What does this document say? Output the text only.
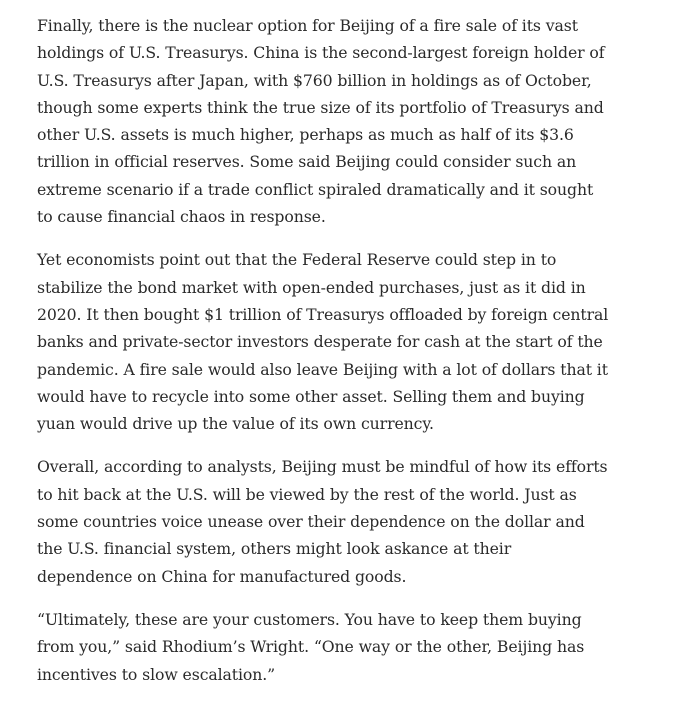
Finally, there is the nuclear option for Beijing of a fire sale of its vast
holdings of U.S. Treasurys. China is the second-largest foreign holder of
U.S. Treasurys after Japan, with $760 billion in holdings as of October,
though some experts think the true size of its portfolio of Treasurys and
other U.S. assets is much higher, perhaps as much as half of its $3.6
trillion in official reserves. Some said Beijing could consider such an
extreme scenario if a trade conflict spiraled dramatically and it sought
to cause financial chaos in response.

Yet economists point out that the Federal Reserve could step in to
stabilize the bond market with open-ended purchases, just as it did in
2020. It then bought $1 trillion of Treasurys offloaded by foreign central
banks and private-sector investors desperate for cash at the start of the
pandemic. A fire sale would also leave Beijing with a lot of dollars that it
would have to recycle into some other asset. Selling them and buying
yuan would drive up the value of its own currency.

Overall, according to analysts, Beijing must be mindful of how its efforts
to hit back at the U.S. will be viewed by the rest of the world. Just as
some countries voice unease over their dependence on the dollar and
the U.S. financial system, others might look askance at their
dependence on China for manufactured goods.

“Ultimately, these are your customers. You have to keep them buying
from you,” said Rhodium’s Wright. “One way or the other, Beijing has
incentives to slow escalation.”
